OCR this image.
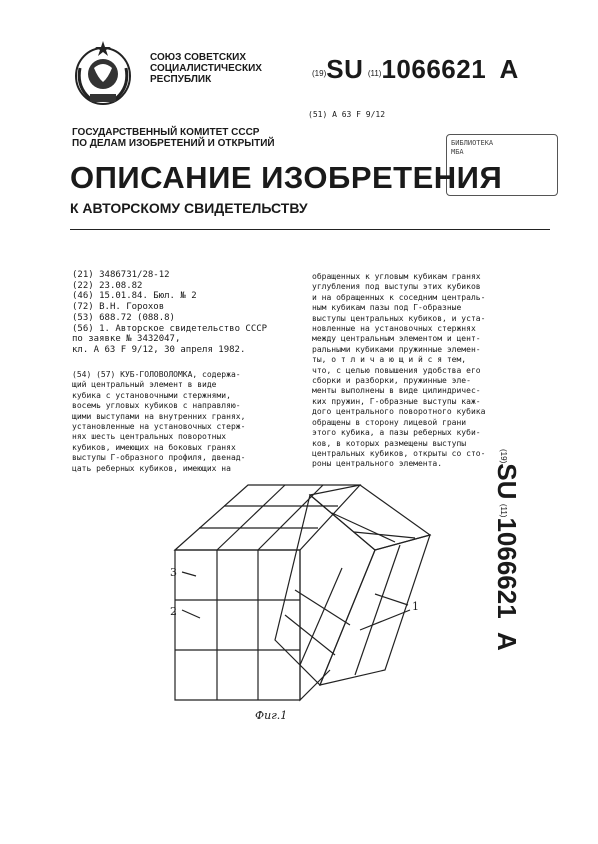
СОЮЗ СОВЕТСКИХ
СОЦИАЛИСТИЧЕСКИХ
РЕСПУБЛИК
(19)SU (11)1066621 A
(51) A 63 F 9/12
ГОСУДАРСТВЕННЫЙ КОМИТЕТ СССР
ПО ДЕЛАМ ИЗОБРЕТЕНИЙ И ОТКРЫТИЙ	БИБЛИОТЕКА
МБА
ОПИСАНИЕ ИЗОБРЕТЕНИЯ
К АВТОРСКОМУ СВИДЕТЕЛЬСТВУ
(21) 3486731/28-12
(22) 23.08.82
(46) 15.01.84. Бюл. № 2
(72) В.Н. Горохов
(53) 688.72 (088.8)
(56) 1. Авторское свидетельство СССР
по заявке № 3432047,
кл. А 63 F 9/12, 30 апреля 1982.
(54) (57) КУБ-ГОЛОВОЛОМКА, содержа-
щий центральный элемент в виде
кубика с установочными стержнями,
восемь угловых кубиков с направляю-
щими выступами на внутренних гранях,
установленные на установочных стерж-
нях шесть центральных поворотных
кубиков, имеющих на боковых гранях
выступы Г-образного профиля, двенад-
цать реберных кубиков, имеющих на
обращенных к угловым кубикам гранях
углубления под выступы этих кубиков
и на обращенных к соседним централь-
ным кубикам пазы под Г-образные
выступы центральных кубиков, и уста-
новленные на установочных стержнях
между центральным элементом и цент-
ральными кубиками пружинные элемен-
ты, о т л и ч а ю щ и й с я тем,
что, с целью повышения удобства его
сборки и разборки, пружинные эле-
менты выполнены в виде цилиндричес-
ких пружин, Г-образные выступы каж-
дого центрального поворотного кубика
обращены в сторону лицевой грани
этого кубика, а пазы реберных куби-
ков, в которых размещены выступы
центральных кубиков, открыты со сто-
роны центрального элемента.
(19)SU (11)1066621   A
3
2	1
Фиг.1
